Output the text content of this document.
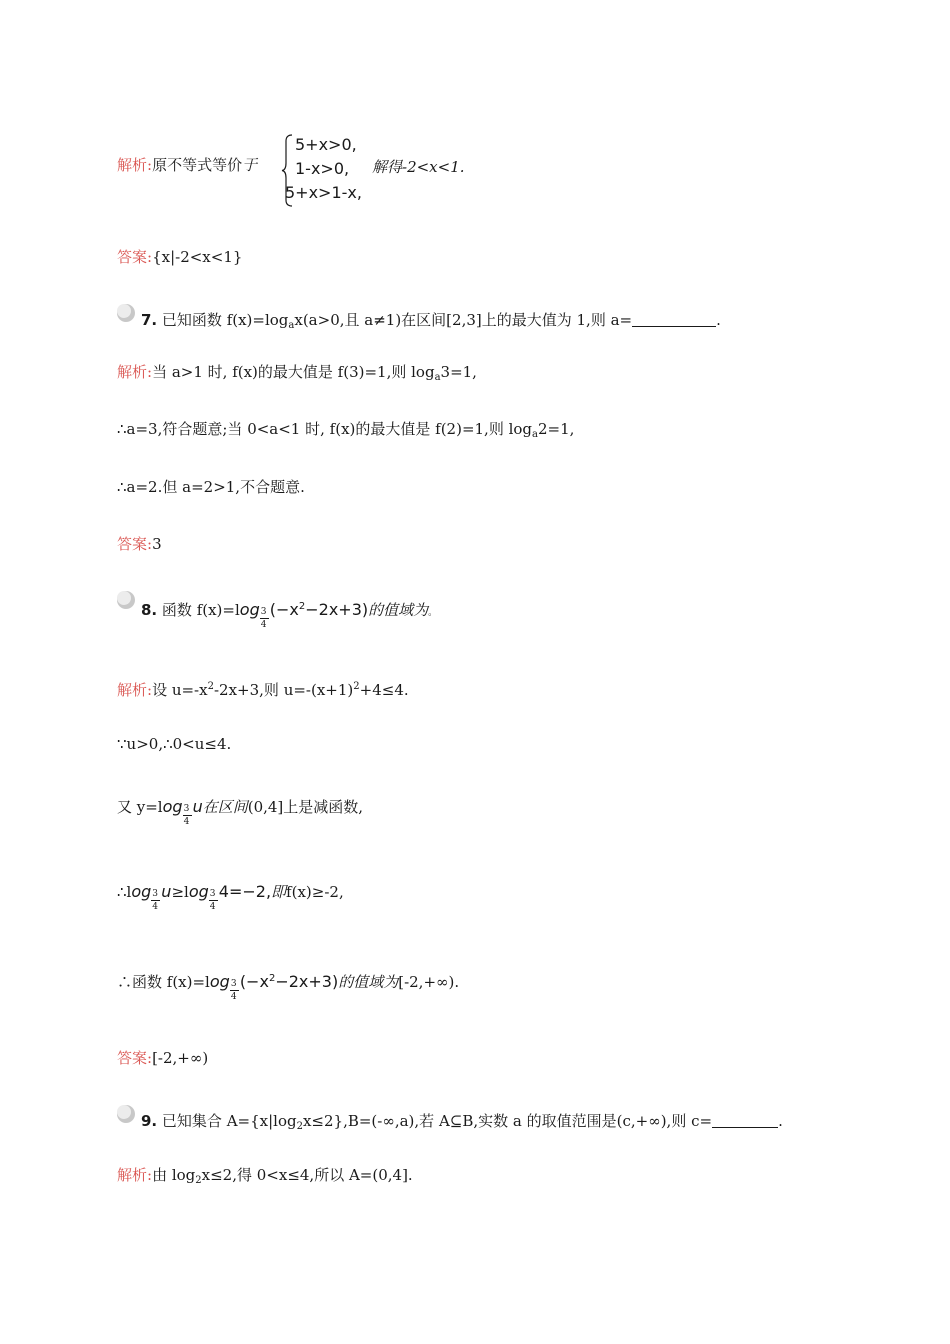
解析:原不等式等价于
5+x>0,
1-x>0,
5+x>1-x,
解得-2<x<1.
答案:{x|-2<x<1}
7. 已知函数 $f(x)=\log_ax(a>0$,且 a≠1)在区间[2,3]上的最大值为 1,则 a=	.
解析:当 a>1 时, f(x)的最大值是 f(3)=1,则 $\log_a3=1$,
∴a=3,符合题意;当 0<a<1 时, f(x)的最大值是 f(2)=1,则 $\log_a2=1$,
∴a=2.但 a=2>1,不合题意.
答案:3
8. 函数 $f(x)=\log \frac{3}{4} (-x^2-2x+3)$的值域为。
解析:设 $u=-x^2-2x+3$,则 $u=-(x+1)^2+4\le 4$.
∵u>0,∴0<u≤4.
又 $y=\log \frac{3}{4}$ u在区间(0,4]上是减函数,
∴log $\frac{3}{4} u\ge\log \frac{3}{4} 4=-2$,即f(x)≥-2,
∴函数 $f(x)=\log \frac{3}{4} (-x^2-2x+3)$的值域为[-2,+∞).
答案:[-2,+∞)
9. 已知集合 $A=\{x|\log_2x\le 2\},B=(-\infty,a)$,若 A⊆B,实数 a 的取值范围是(c,+∞),则 c=	.
解析:由 $\log_2x\le 2$,得 0<x≤4,所以 A=(0,4].
